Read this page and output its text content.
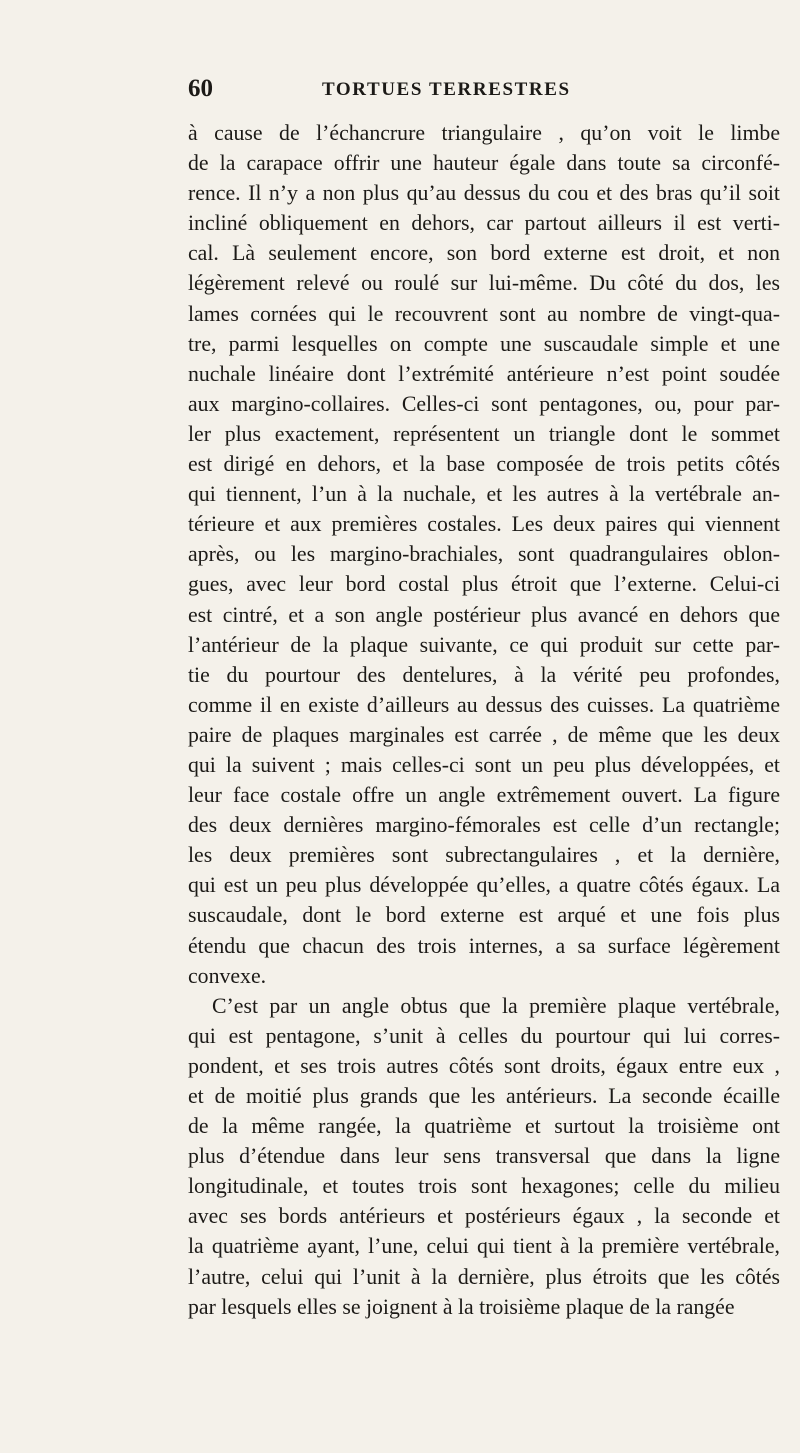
60	TORTUES TERRESTRES
à cause de l’échancrure triangulaire , qu’on voit le limbe
de la carapace offrir une hauteur égale dans toute sa circonfé-
rence. Il n’y a non plus qu’au dessus du cou et des bras qu’il soit
incliné obliquement en dehors, car partout ailleurs il est verti-
cal. Là seulement encore, son bord externe est droit, et non
légèrement relevé ou roulé sur lui-même. Du côté du dos, les
lames cornées qui le recouvrent sont au nombre de vingt-qua-
tre, parmi lesquelles on compte une suscaudale simple et une
nuchale linéaire dont l’extrémité antérieure n’est point soudée
aux margino-collaires. Celles-ci sont pentagones, ou, pour par-
ler plus exactement, représentent un triangle dont le sommet
est dirigé en dehors, et la base composée de trois petits côtés
qui tiennent, l’un à la nuchale, et les autres à la vertébrale an-
térieure et aux premières costales. Les deux paires qui viennent
après, ou les margino-brachiales, sont quadrangulaires oblon-
gues, avec leur bord costal plus étroit que l’externe. Celui-ci
est cintré, et a son angle postérieur plus avancé en dehors que
l’antérieur de la plaque suivante, ce qui produit sur cette par-
tie du pourtour des dentelures, à la vérité peu profondes,
comme il en existe d’ailleurs au dessus des cuisses. La quatrième
paire de plaques marginales est carrée , de même que les deux
qui la suivent ; mais celles-ci sont un peu plus développées, et
leur face costale offre un angle extrêmement ouvert. La figure
des deux dernières margino-fémorales est celle d’un rectangle;
les deux premières sont subrectangulaires , et la dernière,
qui est un peu plus développée qu’elles, a quatre côtés égaux. La
suscaudale, dont le bord externe est arqué et une fois plus
étendu que chacun des trois internes, a sa surface légèrement
convexe.
C’est par un angle obtus que la première plaque vertébrale,
qui est pentagone, s’unit à celles du pourtour qui lui corres-
pondent, et ses trois autres côtés sont droits, égaux entre eux ,
et de moitié plus grands que les antérieurs. La seconde écaille
de la même rangée, la quatrième et surtout la troisième ont
plus d’étendue dans leur sens transversal que dans la ligne
longitudinale, et toutes trois sont hexagones; celle du milieu
avec ses bords antérieurs et postérieurs égaux , la seconde et
la quatrième ayant, l’une, celui qui tient à la première vertébrale,
l’autre, celui qui l’unit à la dernière, plus étroits que les côtés
par lesquels elles se joignent à la troisième plaque de la rangée
